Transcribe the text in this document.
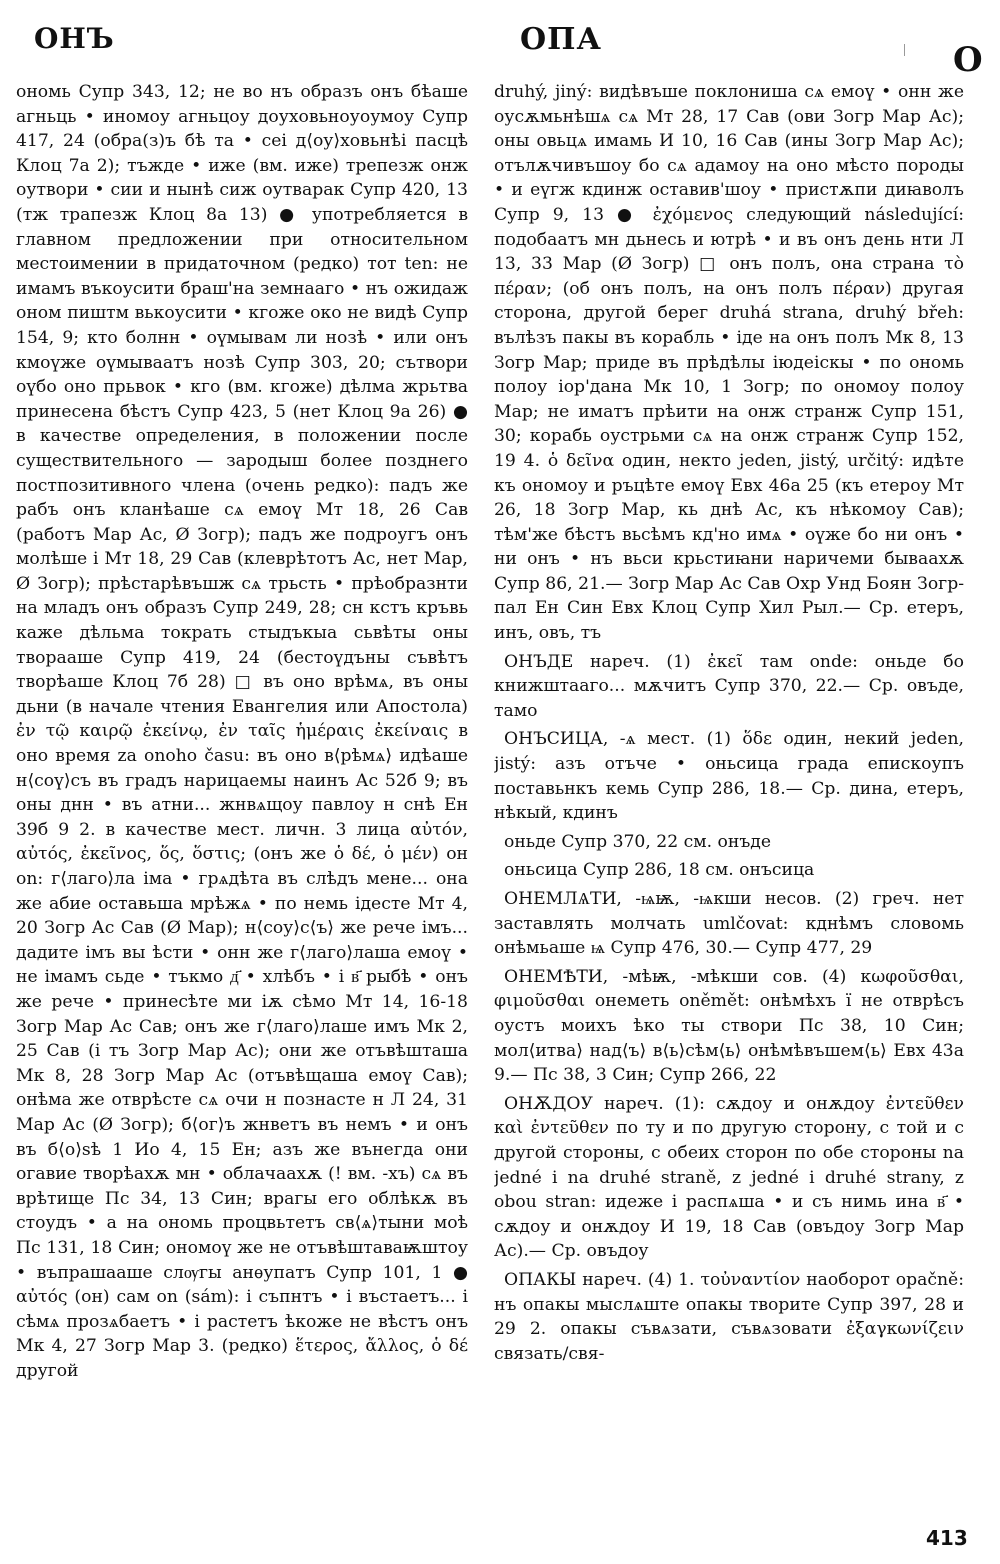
ОНЪ	ОПА
О

ономь Супр 343, 12; не во нъ образъ онъ бѣаше агньць • иномоу агньцоу доуховьноуоумоу Супр 417, 24 (обра(з)ъ бѣ та • сеі д⟨оу⟩ховьнѣі пасцѣ Клоц 7а 2); тъжде • иже (вм. иже) трепезж онж оутвори • сии и нынѣ сиж оутварак Супр 420, 13 (тж трапезж Клоц 8а 13) ● употребляется в главном предложении при относительном местоимении в придаточном (редко) тот ten: не имамъ въкоусити браш'на земнааго • нъ ожидаж оном пиштм вькоусити • кгоже око не видѣ Супр 154, 9; кто болнн • оүмывам ли нозѣ • или онъ кмоүже оүмываатъ нозѣ Супр 303, 20; сътвори оүбо оно прьвок • кго (вм. кгоже) дѣлма жрьтва принесена бѣстъ Супр 423, 5 (нет Клоц 9а 26) ● в качестве определения, в положении после существительного — зародыш более позднего постпозитивного члена (очень редко): падъ же рабъ онъ кланѣаше сѧ емоү Мт 18, 26 Сав (работъ Мар Ас, Ø Зогр); падъ же подроугъ онъ молѣше і Мт 18, 29 Сав (клеврѣтотъ Ас, нет Мар, Ø Зогр); прѣстарѣвъшж сѧ трьсть • прѣобразнти на младъ онъ образъ Супр 249, 28; сн кстъ кръвь кажe дѣльма тократь стыдъкыа сьвѣты оны творааше Супр 419, 24 (бестоүдъны съвѣтъ творѣаше Клоц 7б 28) □ въ оно врѣмѧ, въ оны дьни (в начале чтения Евангелия или Апостола) ἐν τῷ καιρῷ ἐκείνῳ, ἐν ταῖς ἡμέραις ἐκείναις в оно время za onoho času: въ оно в⟨рѣмѧ⟩ идѣаше н⟨соү⟩съ въ градъ нарицаемы наинъ Ас 52б 9; въ оны днн • въ атни... жнвѧщоу павлоу н снѣ Ен 39б 9 2. в качестве мест. личн. 3 лица αὐτόν, αὐτός, ἐκεῖνος, ὅς, ὅστις; (онъ же ὁ δέ, ὁ μέν) он on: г⟨лаго⟩ла іма • грѧдѣта въ слѣдъ мене... она же абие оставьша мрѣжѧ • по немь ідесте Мт 4, 20 Зогр Ас Сав (Ø Мар); н⟨соу⟩с⟨ъ⟩ же рече імъ... дадите імъ вы ѣсти • онн же г⟨лаго⟩лаша емоү • не імамъ сьде • тъкмо д҃ • хлѣбъ • і в҃ рыбѣ • онъ же рече • принесѣте ми іѫ сѣмо Мт 14, 16-18 Зогр Мар Ас Сав; онъ же г⟨лаго⟩лаше имъ Мк 2, 25 Сав (і тъ Зогр Мар Ас); они же отъвѣшташа Мк 8, 28 Зогр Мар Ас (отъвѣщаша емоү Сав); онѣма же отврѣсте сѧ очи н познасте н Л 24, 31 Мар Ас (Ø Зогр); б⟨ог⟩ъ жнветъ въ немъ • и онъ въ б⟨о⟩ѕѣ 1 Ио 4, 15 Ен; азъ же вънегда они огавие творѣахѫ мн • облачаахѫ (! вм. -хъ) сѧ въ врѣтище Пс 34, 13 Син; врагы его облѣкѫ въ стоудъ • а на ономь процвьтетъ св⟨ѧ⟩тыни моѣ Пс 131, 18 Син; ономоү же не отъвѣштаваѭштоу • въпрашааше слѹгы анѳупатъ Супр 101, 1 ● αὐτός (он) сам on (sám): і съпнтъ • і въстаетъ... і сѣмѧ прозѧбаетъ • і растетъ ѣкоже не вѣстъ онъ Мк 4, 27 Зогр Мар 3. (редко) ἕτερος, ἄλλος, ὁ δέ другой

druhý, jiný: видѣвъше поклониша сѧ емоү • онн же оусѫмьнѣшѧ сѧ Мт 28, 17 Сав (ови Зогр Мар Ас); оны овьцѧ имамь И 10, 16 Сав (ины Зогр Мар Ас); отълѫчивъшоу бо сѧ адамоу на оно мѣсто породы • и еүгж кдинж оставив'шоу • пристѫпи диꙗволъ Супр 9, 13 ● ἐχόμενος следующий následující: подобаатъ мн дьнесь и ютрѣ • и въ онъ день нти Л 13, 33 Мар (Ø Зогр) □ онъ полъ, она страна τὸ πέραν; (об онъ полъ, на онъ полъ πέραν) другая сторона, другой берег druhá strana, druhý břeh: вълѣзъ пакы въ корабль • іде на онъ полъ Мк 8, 13 Зогр Мар; приде въ прѣдѣлы іюдеіскы • по ономь полоу іор'дана Мк 10, 1 Зогр; по ономоу полоу Мар; не иматъ прѣити на онж странж Супр 151, 30; корабь оустрьми сѧ на онж странж Супр 152, 19 4. ὁ δεῖνα один, некто jeden, jistý, určitý: идѣте къ ономоу и ръцѣте емоү Евх 46а 25 (къ етероу Мт 26, 18 Зогр Мар, кь днѣ Ас, къ нѣкомоу Сав); тѣм'же бѣстъ вьсѣмъ кд'но имѧ • оүже бо ни онъ • ни онъ • нъ вьси крьстиꙗни наричеми бываахѫ Супр 86, 21.— Зогр Мар Ас Сав Охр Унд Боян Зогр-пал Ен Син Евх Клоц Супр Хил Рыл.— Ср. етеръ, инъ, овъ, тъ

ОНЪДЕ нареч. (1) ἐκεῖ там onde: оньде бо книжштааго... мѫчитъ Супр 370, 22.— Ср. овъде, тамо

ОНЪСИЦА, -ѧ мест. (1) ὅδε один, некий jeden, jistý: азъ отъче • оньсица града епискоупъ поставьнкъ кемь Супр 286, 18.— Ср. дина, етеръ, нѣкый, кдинъ

оньде Супр 370, 22 см. онъде

оньсица Супр 286, 18 см. онъсица

ОНЕМЛѦТИ, -ѩѭ, -ѩкши несов. (2) греч. нет заставлять молчать umlčovat: кднѣмъ словомь онѣмьаше ѩ Супр 476, 30.— Супр 477, 29

ОНЕМѢТИ, -мѣѭ, -мѣкши сов. (4) κωφοῦσθαι, φιμοῦσθαι онеметь oněmět: онѣмѣхъ ї не отврѣсъ оустъ моихъ ѣко ты створи Пс 38, 10 Син; мол⟨итва⟩ над⟨ъ⟩ в⟨ь⟩сѣм⟨ь⟩ онѣмѣвъшем⟨ь⟩ Евх 43а 9.— Пс 38, 3 Син; Супр 266, 22

ОНѪДОУ нареч. (1): сѫдоу и онѫдоу ἐντεῦθεν καὶ ἐντεῦθεν по ту и по другую сторону, с той и с другой стороны, с обеих сторон по обе стороны na jedné i na druhé straně, z jedné i druhé strany, z obou stran: идеже і распѧша • и съ нимь ина в҃ • сѫдоу и онѫдоу И 19, 18 Сав (овъдоу Зогр Мар Ас).— Ср. овъдоу

ОПАКЫ нареч. (4) 1. τοὐναντίον наоборот opačně: нъ опакы мыслѧште опакы творите Супр 397, 28 и 29 2. опакы съвѧзати, съвѧзовати ἐξαγκωνίζειν связать/свя-

413
